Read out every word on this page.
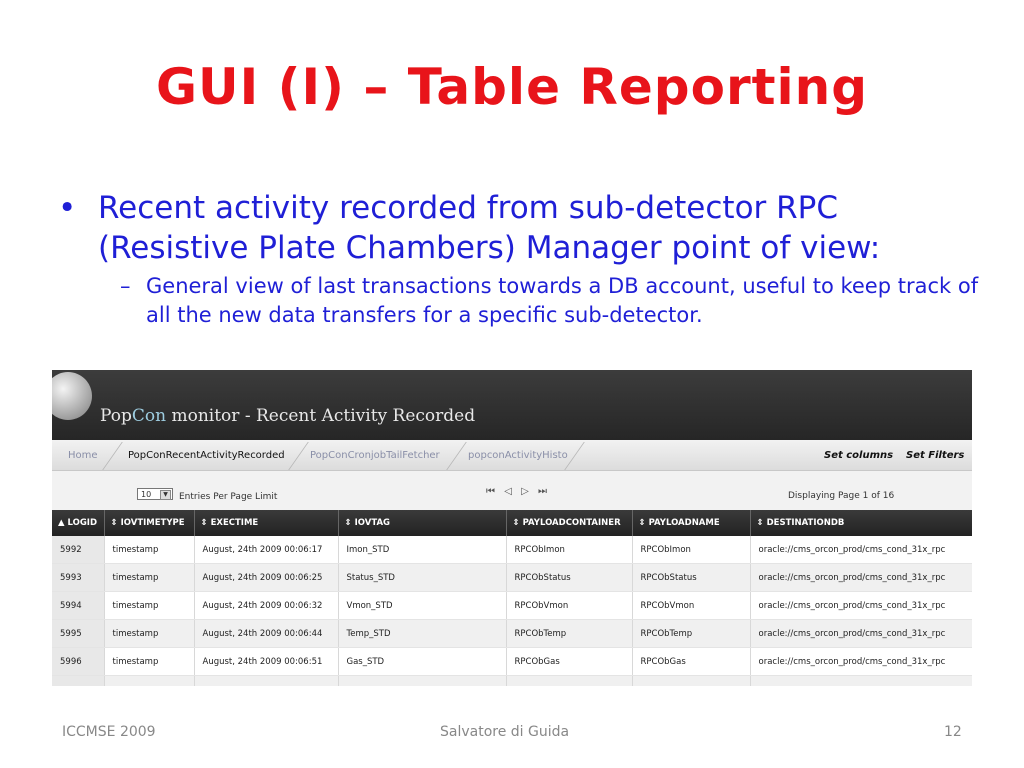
GUI (I) – Table Reporting
• Recent activity recorded from sub-detector RPC (Resistive Plate Chambers) Manager point of view:
– General view of last transactions towards a DB account, useful to keep track of all the new data transfers for a specific sub-detector.
PopCon monitor - Recent Activity Recorded
Home	PopConRecentActivityRecorded	PopConCronjobTailFetcher	popconActivityHisto	Set columns Set Filters
10	▼	Entries Per Page Limit	⏮ ◁ ▷ ⏭	Displaying Page 1 of 16
▲ LOGID	⇕ IOVTIMETYPE	⇕ EXECTIME	⇕ IOVTAG	⇕ PAYLOADCONTAINER	⇕ PAYLOADNAME	⇕ DESTINATIONDB
5992	timestamp	August, 24th 2009 00:06:17	Imon_STD	RPCObImon	RPCObImon	oracle://cms_orcon_prod/cms_cond_31x_rpc
5993	timestamp	August, 24th 2009 00:06:25	Status_STD	RPCObStatus	RPCObStatus	oracle://cms_orcon_prod/cms_cond_31x_rpc
5994	timestamp	August, 24th 2009 00:06:32	Vmon_STD	RPCObVmon	RPCObVmon	oracle://cms_orcon_prod/cms_cond_31x_rpc
5995	timestamp	August, 24th 2009 00:06:44	Temp_STD	RPCObTemp	RPCObTemp	oracle://cms_orcon_prod/cms_cond_31x_rpc
5996	timestamp	August, 24th 2009 00:06:51	Gas_STD	RPCObGas	RPCObGas	oracle://cms_orcon_prod/cms_cond_31x_rpc

ICCMSE 2009	Salvatore di Guida	12
